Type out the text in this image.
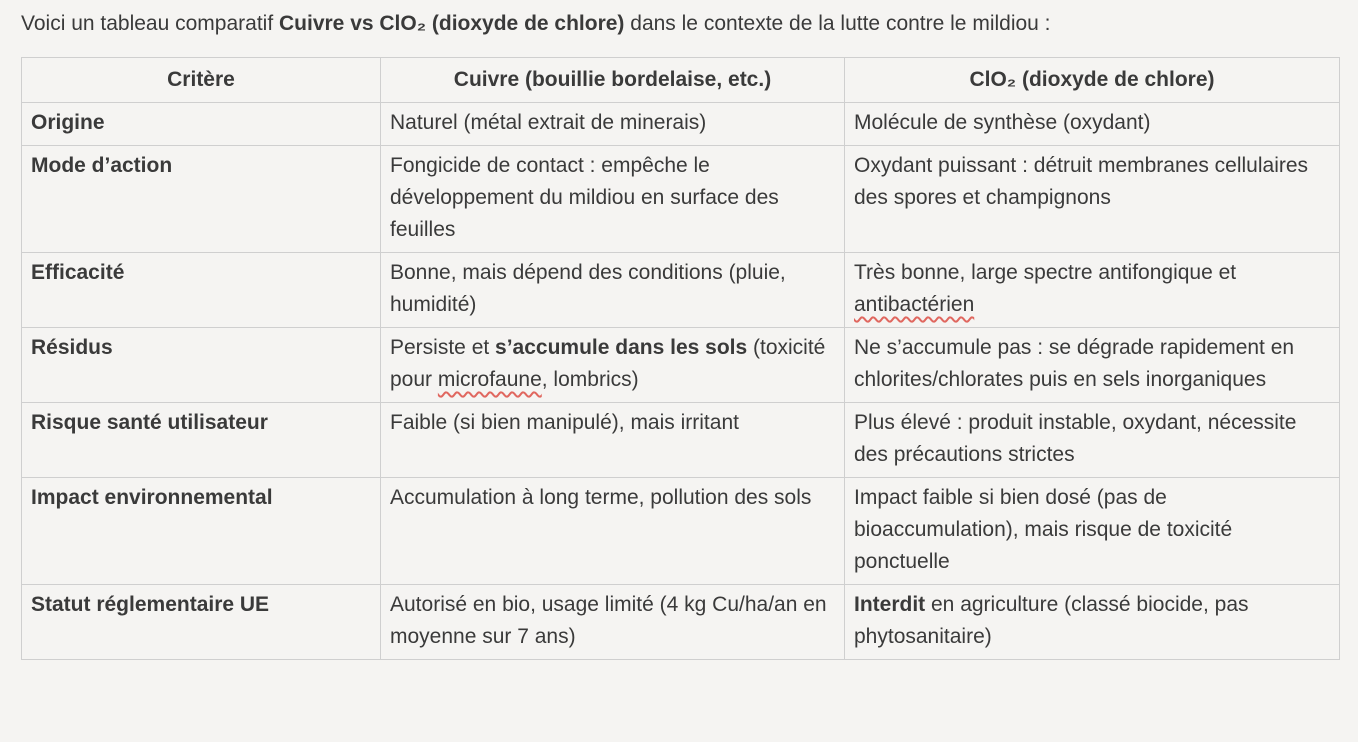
Voici un tableau comparatif Cuivre vs ClO₂ (dioxyde de chlore) dans le contexte de la lutte contre le mildiou :
Critère	Cuivre (bouillie bordelaise, etc.)	ClO₂ (dioxyde de chlore)
Origine	Naturel (métal extrait de minerais)	Molécule de synthèse (oxydant)
Mode d’action	Fongicide de contact : empêche le développement du mildiou en surface des feuilles	Oxydant puissant : détruit membranes cellulaires des spores et champignons
Efficacité	Bonne, mais dépend des conditions (pluie, humidité)	Très bonne, large spectre antifongique et antibactérien
Résidus	Persiste et s’accumule dans les sols (toxicité pour microfaune, lombrics)	Ne s’accumule pas : se dégrade rapidement en chlorites/chlorates puis en sels inorganiques
Risque santé utilisateur	Faible (si bien manipulé), mais irritant	Plus élevé : produit instable, oxydant, nécessite des précautions strictes
Impact environnemental	Accumulation à long terme, pollution des sols	Impact faible si bien dosé (pas de bioaccumulation), mais risque de toxicité ponctuelle
Statut réglementaire UE	Autorisé en bio, usage limité (4 kg Cu/ha/an en moyenne sur 7 ans)	Interdit en agriculture (classé biocide, pas phytosanitaire)
